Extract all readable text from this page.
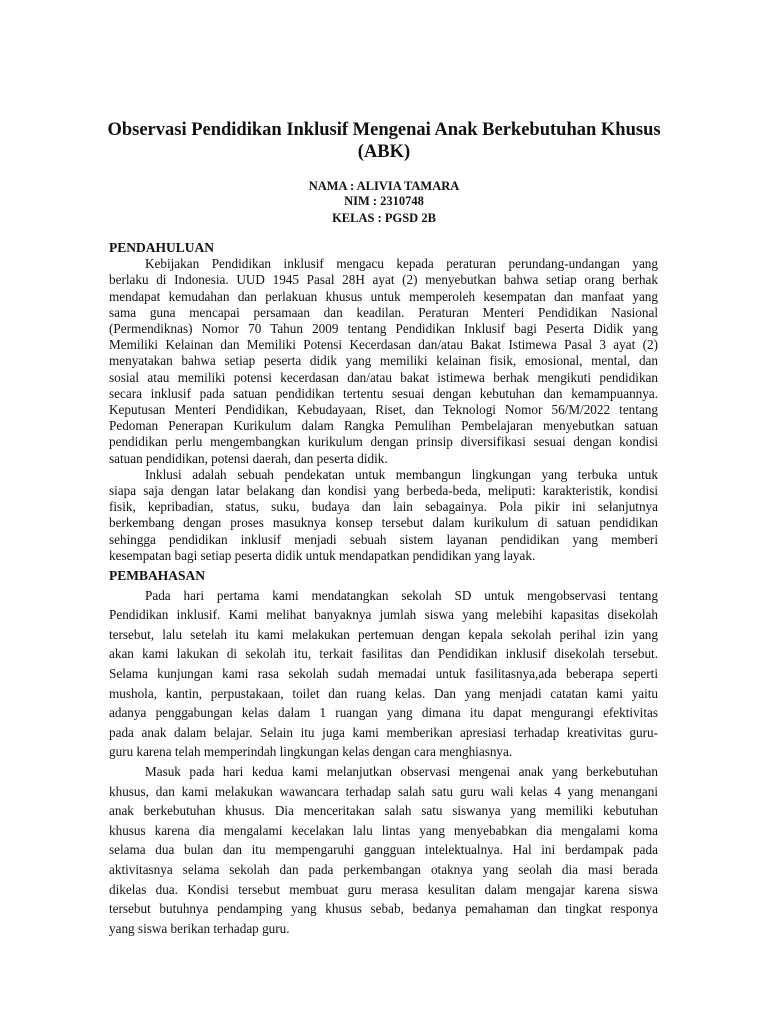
Observasi Pendidikan Inklusif Mengenai Anak Berkebutuhan Khusus
(ABK)
NAMA : ALIVIA TAMARA
NIM : 2310748
KELAS : PGSD 2B
PENDAHULUAN
Kebijakan Pendidikan inklusif mengacu kepada peraturan perundang-undangan yang
berlaku di Indonesia. UUD 1945 Pasal 28H ayat (2) menyebutkan bahwa setiap orang berhak
mendapat kemudahan dan perlakuan khusus untuk memperoleh kesempatan dan manfaat yang
sama guna mencapai persamaan dan keadilan. Peraturan Menteri Pendidikan Nasional
(Permendiknas) Nomor 70 Tahun 2009 tentang Pendidikan Inklusif bagi Peserta Didik yang
Memiliki Kelainan dan Memiliki Potensi Kecerdasan dan/atau Bakat Istimewa Pasal 3 ayat (2)
menyatakan bahwa setiap peserta didik yang memiliki kelainan fisik, emosional, mental, dan
sosial atau memiliki potensi kecerdasan dan/atau bakat istimewa berhak mengikuti pendidikan
secara inklusif pada satuan pendidikan tertentu sesuai dengan kebutuhan dan kemampuannya.
Keputusan Menteri Pendidikan, Kebudayaan, Riset, dan Teknologi Nomor 56/M/2022 tentang
Pedoman Penerapan Kurikulum dalam Rangka Pemulihan Pembelajaran menyebutkan satuan
pendidikan perlu mengembangkan kurikulum dengan prinsip diversifikasi sesuai dengan kondisi
satuan pendidikan, potensi daerah, dan peserta didik.
Inklusi adalah sebuah pendekatan untuk membangun lingkungan yang terbuka untuk
siapa saja dengan latar belakang dan kondisi yang berbeda-beda, meliputi: karakteristik, kondisi
fisik, kepribadian, status, suku, budaya dan lain sebagainya. Pola pikir ini selanjutnya
berkembang dengan proses masuknya konsep tersebut dalam kurikulum di satuan pendidikan
sehingga pendidikan inklusif menjadi sebuah sistem layanan pendidikan yang memberi
kesempatan bagi setiap peserta didik untuk mendapatkan pendidikan yang layak.
PEMBAHASAN
Pada hari pertama kami mendatangkan sekolah SD untuk mengobservasi tentang
Pendidikan inklusif. Kami melihat banyaknya jumlah siswa yang melebihi kapasitas disekolah
tersebut, lalu setelah itu kami melakukan pertemuan dengan kepala sekolah perihal izin yang
akan kami lakukan di sekolah itu, terkait fasilitas dan Pendidikan inklusif disekolah tersebut.
Selama kunjungan kami rasa sekolah sudah memadai untuk fasilitasnya,ada beberapa seperti
mushola, kantin, perpustakaan, toilet dan ruang kelas. Dan yang menjadi catatan kami yaitu
adanya penggabungan kelas dalam 1 ruangan yang dimana itu dapat mengurangi efektivitas
pada anak dalam belajar. Selain itu juga kami memberikan apresiasi terhadap kreativitas guru-
guru karena telah memperindah lingkungan kelas dengan cara menghiasnya.
Masuk pada hari kedua kami melanjutkan observasi mengenai anak yang berkebutuhan
khusus, dan kami melakukan wawancara terhadap salah satu guru wali kelas 4 yang menangani
anak berkebutuhan khusus. Dia menceritakan salah satu siswanya yang memiliki kebutuhan
khusus karena dia mengalami kecelakan lalu lintas yang menyebabkan dia mengalami koma
selama dua bulan dan itu mempengaruhi gangguan intelektualnya. Hal ini berdampak pada
aktivitasnya selama sekolah dan pada perkembangan otaknya yang seolah dia masi berada
dikelas dua. Kondisi tersebut membuat guru merasa kesulitan dalam mengajar karena siswa
tersebut butuhnya pendamping yang khusus sebab, bedanya pemahaman dan tingkat responya
yang siswa berikan terhadap guru.
